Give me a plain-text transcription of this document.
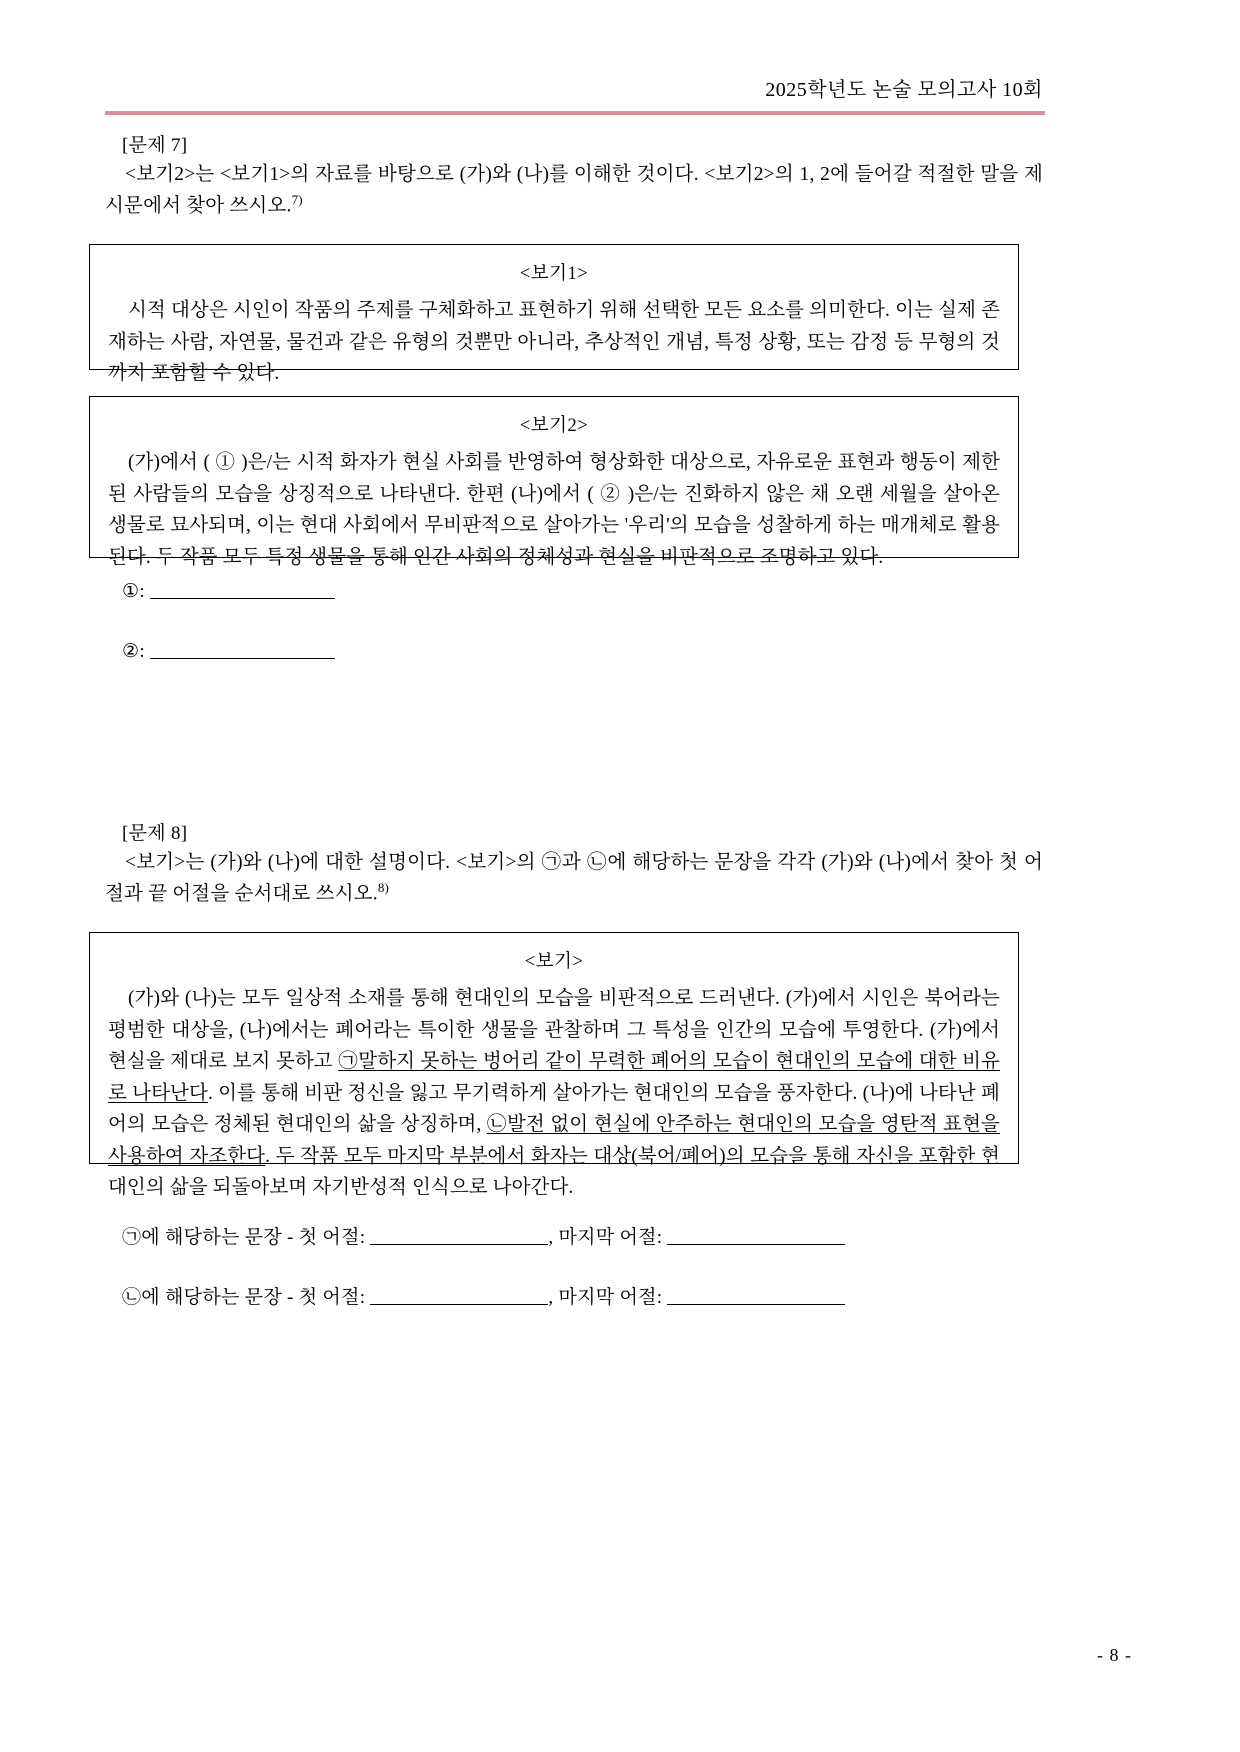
2025학년도 논술 모의고사 10회
[문제 7]
<보기2>는 <보기1>의 자료를 바탕으로 (가)와 (나)를 이해한 것이다. <보기2>의 1, 2에 들어갈 적절한 말을 제시문에서 찾아 쓰시오.$^{7)}$
<보기1>
시적 대상은 시인이 작품의 주제를 구체화하고 표현하기 위해 선택한 모든 요소를 의미한다. 이는 실제 존재하는 사람, 자연물, 물건과 같은 유형의 것뿐만 아니라, 추상적인 개념, 특정 상황, 또는 감정 등 무형의 것까지 포함할 수 있다.
<보기2>
(가)에서 ( ① )은/는 시적 화자가 현실 사회를 반영하여 형상화한 대상으로, 자유로운 표현과 행동이 제한된 사람들의 모습을 상징적으로 나타낸다. 한편 (나)에서 ( ② )은/는 진화하지 않은 채 오랜 세월을 살아온 생물로 묘사되며, 이는 현대 사회에서 무비판적으로 살아가는 '우리'의 모습을 성찰하게 하는 매개체로 활용된다. 두 작품 모두 특정 생물을 통해 인간 사회의 정체성과 현실을 비판적으로 조명하고 있다.
①:
②:
[문제 8]
<보기>는 (가)와 (나)에 대한 설명이다. <보기>의 ㉠과 ㉡에 해당하는 문장을 각각 (가)와 (나)에서 찾아 첫 어절과 끝 어절을 순서대로 쓰시오.$^{8)}$
<보기>
(가)와 (나)는 모두 일상적 소재를 통해 현대인의 모습을 비판적으로 드러낸다. (가)에서 시인은 북어라는 평범한 대상을, (나)에서는 폐어라는 특이한 생물을 관찰하며 그 특성을 인간의 모습에 투영한다. (가)에서 현실을 제대로 보지 못하고 ㉠말하지 못하는 벙어리 같이 무력한 폐어의 모습이 현대인의 모습에 대한 비유로 나타난다. 이를 통해 비판 정신을 잃고 무기력하게 살아가는 현대인의 모습을 풍자한다. (나)에 나타난 폐어의 모습은 정체된 현대인의 삶을 상징하며, ㉡발전 없이 현실에 안주하는 현대인의 모습을 영탄적 표현을 사용하여 자조한다. 두 작품 모두 마지막 부분에서 화자는 대상(북어/폐어)의 모습을 통해 자신을 포함한 현대인의 삶을 되돌아보며 자기반성적 인식으로 나아간다.
㉠에 해당하는 문장 - 첫 어절:	, 마지막 어절:
㉡에 해당하는 문장 - 첫 어절:	, 마지막 어절:
- 8 -
